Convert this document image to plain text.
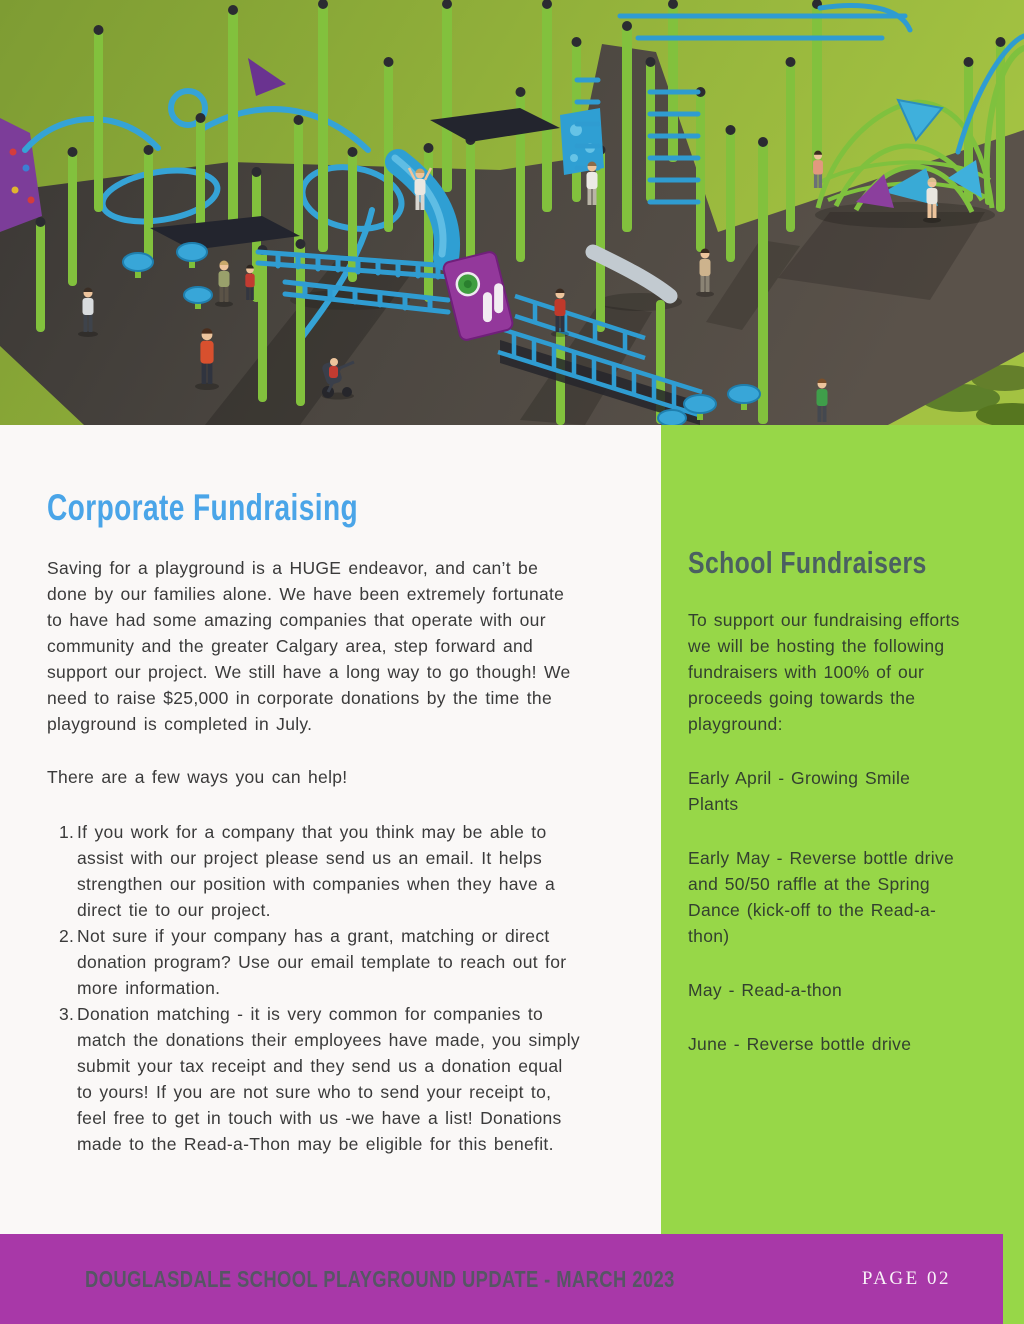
Corporate Fundraising

Saving for a playground is a HUGE endeavor, and can’t be done by our families alone. We have been extremely fortunate to have had some amazing companies that operate with our community and the greater Calgary area, step forward and support our project. We still have a long way to go though! We need to raise $25,000 in corporate donations by the time the playground is completed in July.

There are a few ways you can help!

If you work for a company that you think may be able to assist with our project please send us an email. It helps strengthen our position with companies when they have a direct tie to our project.
Not sure if your company has a grant, matching or direct donation program? Use our email template to reach out for more information.
Donation matching - it is very common for companies to match the donations their employees have made, you simply submit your tax receipt and they send us a donation equal to yours! If you are not sure who to send your receipt to, feel free to get in touch with us -we have a list! Donations made to the Read-a-Thon may be eligible for this benefit.
School Fundraisers

To support our fundraising efforts we will be hosting the following fundraisers with 100% of our proceeds going towards the playground:

Early April - Growing Smile Plants

Early May - Reverse bottle drive and 50/50 raffle at the Spring Dance (kick-off to the Read-a-thon)

May - Read-a-thon

June - Reverse bottle drive

DOUGLASDALE SCHOOL PLAYGROUND UPDATE - MARCH 2023	PAGE 02
